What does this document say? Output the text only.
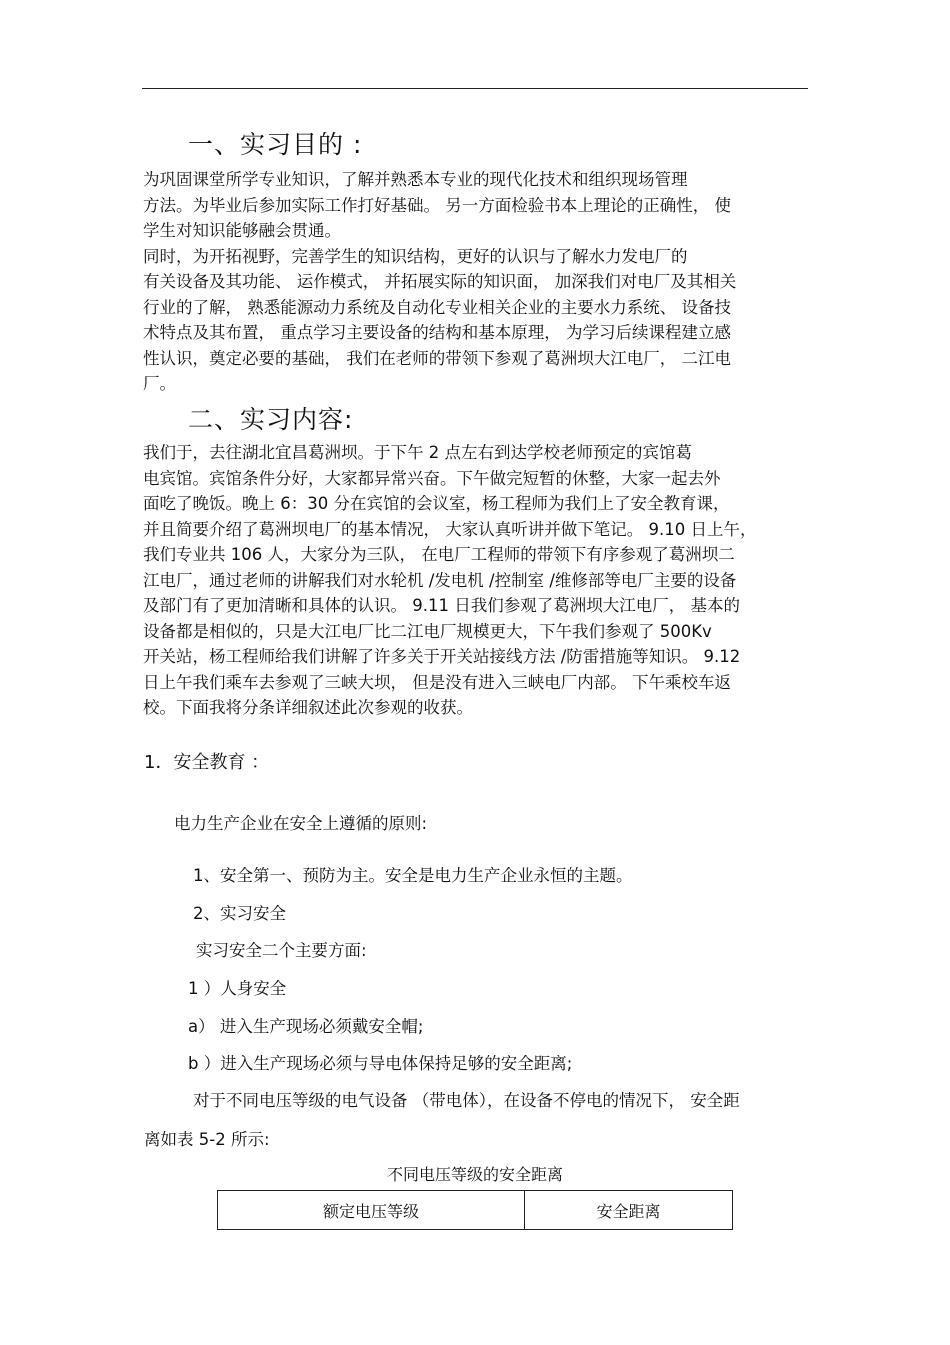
一、实习目的 :
为巩固课堂所学专业知识，了解并熟悉本专业的现代化技术和组织现场管理
方法。为毕业后参加实际工作打好基础。 另一方面检验书本上理论的正确性， 使
学生对知识能够融会贯通。
同时，为开拓视野，完善学生的知识结构，更好的认识与了解水力发电厂的
有关设备及其功能、 运作模式， 并拓展实际的知识面， 加深我们对电厂及其相关
行业的了解， 熟悉能源动力系统及自动化专业相关企业的主要水力系统、 设备技
术特点及其布置， 重点学习主要设备的结构和基本原理， 为学习后续课程建立感
性认识，奠定必要的基础， 我们在老师的带领下参观了葛洲坝大江电厂， 二江电
厂。
二、实习内容:
我们于，去往湖北宜昌葛洲坝。于下午 2 点左右到达学校老师预定的宾馆葛
电宾馆。宾馆条件分好，大家都异常兴奋。下午做完短暂的休整，大家一起去外
面吃了晚饭。晚上 6：30 分在宾馆的会议室，杨工程师为我们上了安全教育课，
并且简要介绍了葛洲坝电厂的基本情况， 大家认真听讲并做下笔记。 9.10 日上午，
我们专业共 106 人，大家分为三队， 在电厂工程师的带领下有序参观了葛洲坝二
江电厂，通过老师的讲解我们对水轮机 /发电机 /控制室 /维修部等电厂主要的设备
及部门有了更加清晰和具体的认识。 9.11 日我们参观了葛洲坝大江电厂， 基本的
设备都是相似的，只是大江电厂比二江电厂规模更大，下午我们参观了 500Kv
开关站，杨工程师给我们讲解了许多关于开关站接线方法 /防雷措施等知识。 9.12
日上午我们乘车去参观了三峡大坝， 但是没有进入三峡电厂内部。 下午乘校车返
校。下面我将分条详细叙述此次参观的收获。
1．安全教育 ：
电力生产企业在安全上遵循的原则:
1、安全第一、预防为主。安全是电力生产企业永恒的主题。
2、实习安全
实习安全二个主要方面:
1 ）人身安全
a） 进入生产现场必须戴安全帽;
b ）进入生产现场必须与导电体保持足够的安全距离;
对于不同电压等级的电气设备 （带电体），在设备不停电的情况下， 安全距
离如表 5-2 所示:
不同电压等级的安全距离
额定电压等级	安全距离
